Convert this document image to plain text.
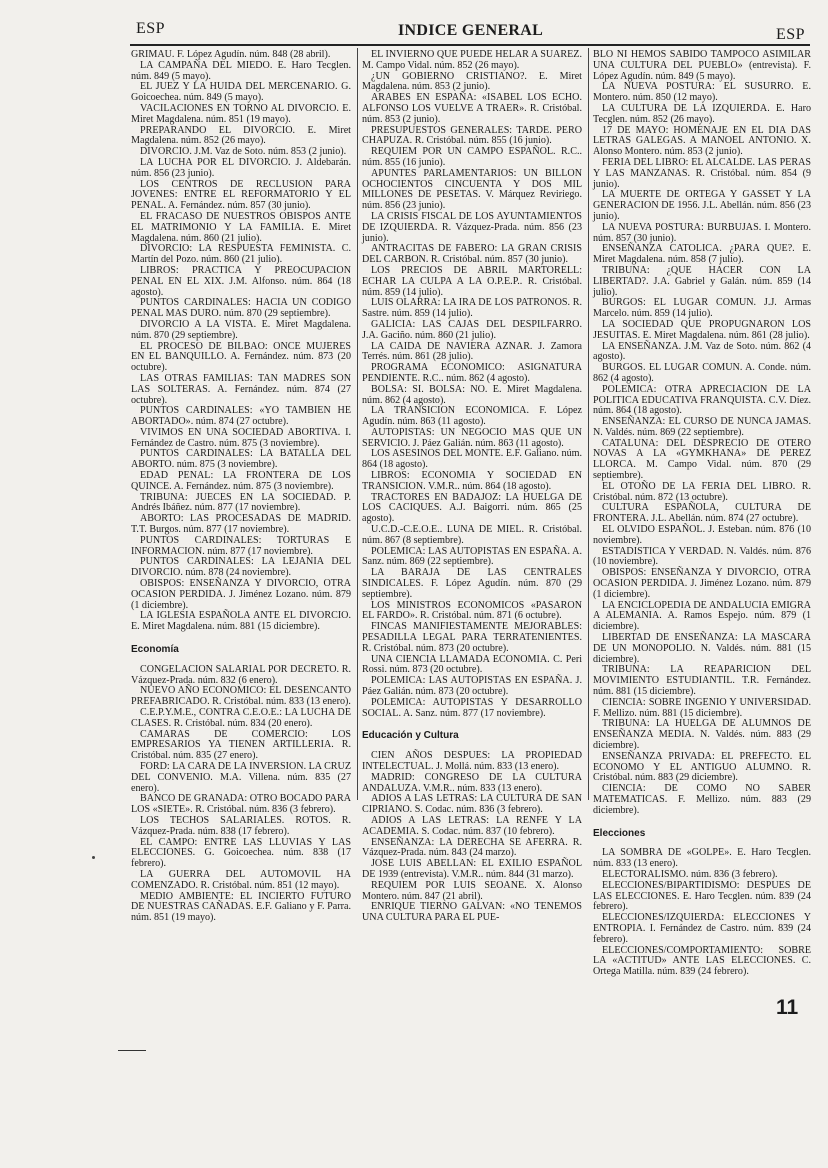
ESP	INDICE GENERAL	ESP

GRIMAU. F. López Agudín. núm. 848 (28 abril).

LA CAMPAÑA DEL MIEDO. E. Haro Tecglen. núm. 849 (5 mayo).

EL JUEZ Y LA HUIDA DEL MERCENARIO. G. Goicoechea. núm. 849 (5 mayo).

VACILACIONES EN TORNO AL DIVORCIO. E. Miret Magdalena. núm. 851 (19 mayo).

PREPARANDO EL DIVORCIO. E. Miret Magdalena. núm. 852 (26 mayo).

DIVORCIO. J.M. Vaz de Soto. núm. 853 (2 junio).

LA LUCHA POR EL DIVORCIO. J. Aldebarán. núm. 856 (23 junio).

LOS CENTROS DE RECLUSION PARA JOVENES: ENTRE EL REFORMATORIO Y EL PENAL. A. Fernández. núm. 857 (30 junio).

EL FRACASO DE NUESTROS OBISPOS ANTE EL MATRIMONIO Y LA FAMILIA. E. Miret Magdalena. núm. 860 (21 julio).

DIVORCIO: LA RESPUESTA FEMINISTA. C. Martín del Pozo. núm. 860 (21 julio).

LIBROS: PRACTICA Y PREOCUPACION PENAL EN EL XIX. J.M. Alfonso. núm. 864 (18 agosto).

PUNTOS CARDINALES: HACIA UN CODIGO PENAL MAS DURO. núm. 870 (29 septiembre).

DIVORCIO A LA VISTA. E. Miret Magdalena. núm. 870 (29 septiembre).

EL PROCESO DE BILBAO: ONCE MUJERES EN EL BANQUILLO. A. Fernández. núm. 873 (20 octubre).

LAS OTRAS FAMILIAS: TAN MADRES SON LAS SOLTERAS. A. Fernández. núm. 874 (27 octubre).

PUNTOS CARDINALES: «YO TAMBIEN HE ABORTADO». núm. 874 (27 octubre).

VIVIMOS EN UNA SOCIEDAD ABORTIVA. I. Fernández de Castro. núm. 875 (3 noviembre).

PUNTOS CARDINALES: LA BATALLA DEL ABORTO. núm. 875 (3 noviembre).

EDAD PENAL: LA FRONTERA DE LOS QUINCE. A. Fernández. núm. 875 (3 noviembre).

TRIBUNA: JUECES EN LA SOCIEDAD. P. Andrés Ibáñez. núm. 877 (17 noviembre).

ABORTO: LAS PROCESADAS DE MADRID. T.T. Burgos. núm. 877 (17 noviembre).

PUNTOS CARDINALES: TORTURAS E INFORMACION. núm. 877 (17 noviembre).

PUNTOS CARDINALES: LA LEJANIA DEL DIVORCIO. núm. 878 (24 noviembre).

OBISPOS: ENSEÑANZA Y DIVORCIO, OTRA OCASION PERDIDA. J. Jiménez Lozano. núm. 879 (1 diciembre).

LA IGLESIA ESPAÑOLA ANTE EL DIVORCIO. E. Miret Magdalena. núm. 881 (15 diciembre).

Economía

CONGELACION SALARIAL POR DECRETO. R. Vázquez-Prada. núm. 832 (6 enero).

NUEVO AÑO ECONOMICO: EL DESENCANTO PREFABRICADO. R. Cristóbal. núm. 833 (13 enero).

C.E.P.Y.M.E., CONTRA C.E.O.E.: LA LUCHA DE CLASES. R. Cristóbal. núm. 834 (20 enero).

CAMARAS DE COMERCIO: LOS EMPRESARIOS YA TIENEN ARTILLERIA. R. Cristóbal. núm. 835 (27 enero).

FORD: LA CARA DE LA INVERSION. LA CRUZ DEL CONVENIO. M.A. Villena. núm. 835 (27 enero).

BANCO DE GRANADA: OTRO BOCADO PARA LOS «SIETE». R. Cristóbal. núm. 836 (3 febrero).

LOS TECHOS SALARIALES. ROTOS. R. Vázquez-Prada. núm. 838 (17 febrero).

EL CAMPO: ENTRE LAS LLUVIAS Y LAS ELECCIONES. G. Goicoechea. núm. 838 (17 febrero).

LA GUERRA DEL AUTOMOVIL HA COMENZADO. R. Cristóbal. núm. 851 (12 mayo).

MEDIO AMBIENTE: EL INCIERTO FUTURO DE NUESTRAS CAÑADAS. E.F. Galiano y F. Parra. núm. 851 (19 mayo).

EL INVIERNO QUE PUEDE HELAR A SUAREZ. M. Campo Vidal. núm. 852 (26 mayo).

¿UN GOBIERNO CRISTIANO?. E. Miret Magdalena. núm. 853 (2 junio).

ARABES EN ESPAÑA: «ISABEL LOS ECHO. ALFONSO LOS VUELVE A TRAER». R. Cristóbal. núm. 853 (2 junio).

PRESUPUESTOS GENERALES: TARDE. PERO CHAPUZA. R. Cristóbal. núm. 855 (16 junio).

REQUIEM POR UN CAMPO ESPAÑOL. R.C.. núm. 855 (16 junio).

APUNTES PARLAMENTARIOS: UN BILLON OCHOCIENTOS CINCUENTA Y DOS MIL MILLONES DE PESETAS. V. Márquez Reviriego. núm. 856 (23 junio).

LA CRISIS FISCAL DE LOS AYUNTAMIENTOS DE IZQUIERDA. R. Vázquez-Prada. núm. 856 (23 junio).

ANTRACITAS DE FABERO: LA GRAN CRISIS DEL CARBON. R. Cristóbal. núm. 857 (30 junio).

LOS PRECIOS DE ABRIL MARTORELL: ECHAR LA CULPA A LA O.P.E.P.. R. Cristóbal. núm. 859 (14 julio).

LUIS OLARRA: LA IRA DE LOS PATRONOS. R. Sastre. núm. 859 (14 julio).

GALICIA: LAS CAJAS DEL DESPILFARRO. J.A. Gaciño. núm. 860 (21 julio).

LA CAIDA DE NAVIERA AZNAR. J. Zamora Terrés. núm. 861 (28 julio).

PROGRAMA ECONOMICO: ASIGNATURA PENDIENTE. R.C.. núm. 862 (4 agosto).

BOLSA: SI. BOLSA: NO. E. Miret Magdalena. núm. 862 (4 agosto).

LA TRANSICION ECONOMICA. F. López Agudín. núm. 863 (11 agosto).

AUTOPISTAS: UN NEGOCIO MAS QUE UN SERVICIO. J. Páez Galián. núm. 863 (11 agosto).

LOS ASESINOS DEL MONTE. E.F. Galiano. núm. 864 (18 agosto).

LIBROS: ECONOMIA Y SOCIEDAD EN TRANSICION. V.M.R.. núm. 864 (18 agosto).

TRACTORES EN BADAJOZ: LA HUELGA DE LOS CACIQUES. A.J. Baigorri. núm. 865 (25 agosto).

U.C.D.-C.E.O.E.. LUNA DE MIEL. R. Cristóbal. núm. 867 (8 septiembre).

POLEMICA: LAS AUTOPISTAS EN ESPAÑA. A. Sanz. núm. 869 (22 septiembre).

LA BARAJA DE LAS CENTRALES SINDICALES. F. López Agudín. núm. 870 (29 septiembre).

LOS MINISTROS ECONOMICOS «PASARON EL FARDO». R. Cristóbal. núm. 871 (6 octubre).

FINCAS MANIFIESTAMENTE MEJORABLES: PESADILLA LEGAL PARA TERRATENIENTES. R. Cristóbal. núm. 873 (20 octubre).

UNA CIENCIA LLAMADA ECONOMIA. C. Peri Rossi. núm. 873 (20 octubre).

POLEMICA: LAS AUTOPISTAS EN ESPAÑA. J. Páez Galián. núm. 873 (20 octubre).

POLEMICA: AUTOPISTAS Y DESARROLLO SOCIAL. A. Sanz. núm. 877 (17 noviembre).

Educación y Cultura

CIEN AÑOS DESPUES: LA PROPIEDAD INTELECTUAL. J. Mollá. núm. 833 (13 enero).

MADRID: CONGRESO DE LA CULTURA ANDALUZA. V.M.R.. núm. 833 (13 enero).

ADIOS A LAS LETRAS: LA CULTURA DE SAN CIPRIANO. S. Codac. núm. 836 (3 febrero).

ADIOS A LAS LETRAS: LA RENFE Y LA ACADEMIA. S. Codac. núm. 837 (10 febrero).

ENSEÑANZA: LA DERECHA SE AFERRA. R. Vázquez-Prada. núm. 843 (24 marzo).

JOSE LUIS ABELLAN: EL EXILIO ESPAÑOL DE 1939 (entrevista). V.M.R.. núm. 844 (31 marzo).

REQUIEM POR LUIS SEOANE. X. Alonso Montero. núm. 847 (21 abril).

ENRIQUE TIERNO GALVAN: «NO TENEMOS UNA CULTURA PARA EL PUE-

BLO NI HEMOS SABIDO TAMPOCO ASIMILAR UNA CULTURA DEL PUEBLO» (entrevista). F. López Agudín. núm. 849 (5 mayo).

LA NUEVA POSTURA: EL SUSURRO. E. Montero. núm. 850 (12 mayo).

LA CULTURA DE LA IZQUIERDA. E. Haro Tecglen. núm. 852 (26 mayo).

17 DE MAYO: HOMENAJE EN EL DIA DAS LETRAS GALEGAS. A MANOEL ANTONIO. X. Alonso Montero. núm. 853 (2 junio).

FERIA DEL LIBRO: EL ALCALDE. LAS PERAS Y LAS MANZANAS. R. Cristóbal. núm. 854 (9 junio).

LA MUERTE DE ORTEGA Y GASSET Y LA GENERACION DE 1956. J.L. Abellán. núm. 856 (23 junio).

LA NUEVA POSTURA: BURBUJAS. I. Montero. núm. 857 (30 junio).

ENSEÑANZA CATOLICA. ¿PARA QUE?. E. Miret Magdalena. núm. 858 (7 julio).

TRIBUNA: ¿QUE HACER CON LA LIBERTAD?. J.A. Gabriel y Galán. núm. 859 (14 julio).

BURGOS: EL LUGAR COMUN. J.J. Armas Marcelo. núm. 859 (14 julio).

LA SOCIEDAD QUE PROPUGNARON LOS JESUITAS. E. Miret Magdalena. núm. 861 (28 julio).

LA ENSEÑANZA. J.M. Vaz de Soto. núm. 862 (4 agosto).

BURGOS. EL LUGAR COMUN. A. Conde. núm. 862 (4 agosto).

POLEMICA: OTRA APRECIACION DE LA POLITICA EDUCATIVA FRANQUISTA. C.V. Díez. núm. 864 (18 agosto).

ENSEÑANZA: EL CURSO DE NUNCA JAMAS. N. Valdés. núm. 869 (22 septiembre).

CATALUNA: DEL DESPRECIO DE OTERO NOVAS A LA «GYMKHANA» DE PEREZ LLORCA. M. Campo Vidal. núm. 870 (29 septiembre).

EL OTOÑO DE LA FERIA DEL LIBRO. R. Cristóbal. núm. 872 (13 octubre).

CULTURA ESPAÑOLA, CULTURA DE FRONTERA. J.L. Abellán. núm. 874 (27 octubre).

EL OLVIDO ESPAÑOL. J. Esteban. núm. 876 (10 noviembre).

ESTADISTICA Y VERDAD. N. Valdés. núm. 876 (10 noviembre).

OBISPOS: ENSEÑANZA Y DIVORCIO, OTRA OCASION PERDIDA. J. Jiménez Lozano. núm. 879 (1 diciembre).

LA ENCICLOPEDIA DE ANDALUCIA EMIGRA A ALEMANIA. A. Ramos Espejo. núm. 879 (1 diciembre).

LIBERTAD DE ENSEÑANZA: LA MASCARA DE UN MONOPOLIO. N. Valdés. núm. 881 (15 diciembre).

TRIBUNA: LA REAPARICION DEL MOVIMIENTO ESTUDIANTIL. T.R. Fernández. núm. 881 (15 diciembre).

CIENCIA: SOBRE INGENIO Y UNIVERSIDAD. F. Mellizo. núm. 881 (15 diciembre).

TRIBUNA: LA HUELGA DE ALUMNOS DE ENSEÑANZA MEDIA. N. Valdés. núm. 883 (29 diciembre).

ENSEÑANZA PRIVADA: EL PREFECTO. EL ECONOMO Y EL ANTIGUO ALUMNO. R. Cristóbal. núm. 883 (29 diciembre).

CIENCIA: DE COMO NO SABER MATEMATICAS. F. Mellizo. núm. 883 (29 diciembre).

Elecciones

LA SOMBRA DE «GOLPE». E. Haro Tecglen. núm. 833 (13 enero).

ELECTORALISMO. núm. 836 (3 febrero).

ELECCIONES/BIPARTIDISMO: DESPUES DE LAS ELECCIONES. E. Haro Tecglen. núm. 839 (24 febrero).

ELECCIONES/IZQUIERDA: ELECCIONES Y ENTROPIA. I. Fernández de Castro. núm. 839 (24 febrero).

ELECCIONES/COMPORTAMIENTO: SOBRE LA «ACTITUD» ANTE LAS ELECCIONES. C. Ortega Matilla. núm. 839 (24 febrero).

11
